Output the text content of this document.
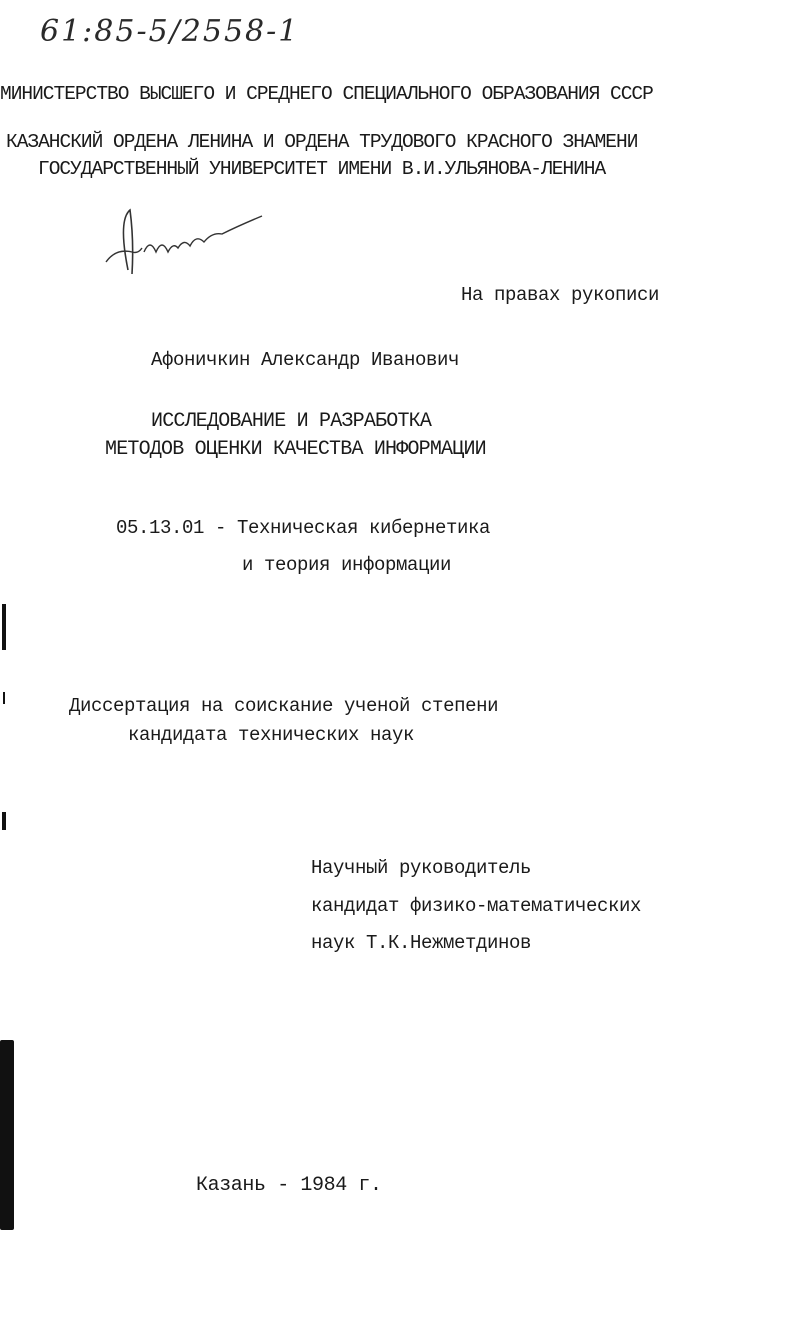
61:85-5/2558-1
МИНИСТЕРСТВО ВЫСШЕГО И СРЕДНЕГО СПЕЦИАЛЬНОГО ОБРАЗОВАНИЯ СССР
КАЗАНСКИЙ ОРДЕНА ЛЕНИНА И ОРДЕНА ТРУДОВОГО КРАСНОГО ЗНАМЕНИ
ГОСУДАРСТВЕННЫЙ УНИВЕРСИТЕТ ИМЕНИ В.И.УЛЬЯНОВА-ЛЕНИНА
На правах рукописи
Афоничкин Александр Иванович
ИССЛЕДОВАНИЕ И РАЗРАБОТКА
МЕТОДОВ ОЦЕНКИ КАЧЕСТВА ИНФОРМАЦИИ
05.13.01 - Техническая кибернетика
и теория информации
Диссертация на соискание ученой степени
кандидата технических наук
Научный руководитель
кандидат физико-математических
наук Т.К.Нежметдинов
Казань - 1984 г.
